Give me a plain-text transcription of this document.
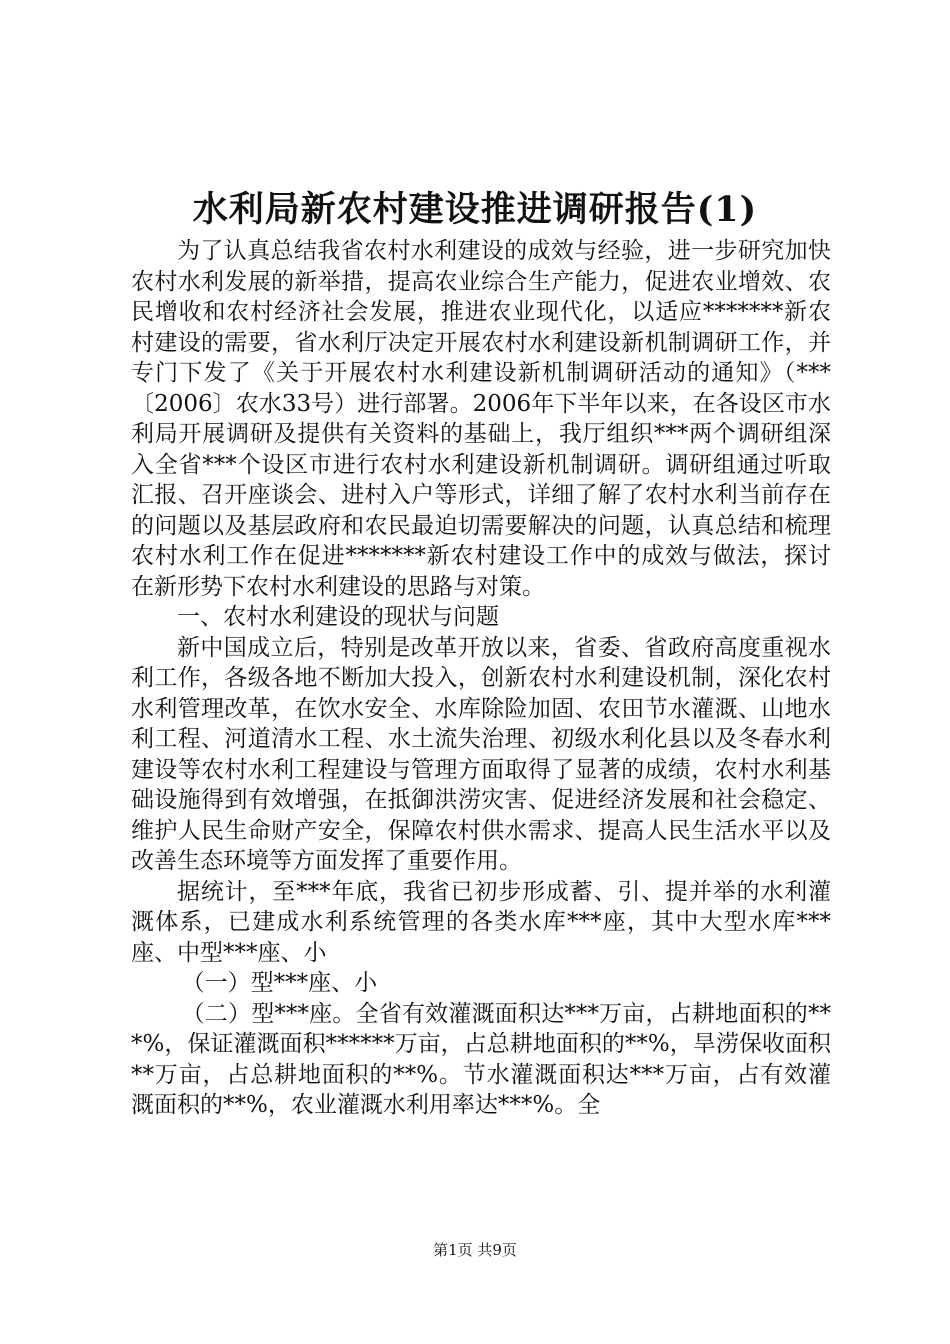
水利局新农村建设推进调研报告(1)

为了认真总结我省农村水利建设的成效与经验，进一步研究加快农村水利发展的新举措，提高农业综合生产能力，促进农业增效、农民增收和农村经济社会发展，推进农业现代化，以适应*******新农村建设的需要，省水利厅决定开展农村水利建设新机制调研工作，并专门下发了《关于开展农村水利建设新机制调研活动的通知》（***〔2006〕农水33号）进行部署。2006年下半年以来，在各设区市水利局开展调研及提供有关资料的基础上，我厅组织***两个调研组深入全省***个设区市进行农村水利建设新机制调研。调研组通过听取汇报、召开座谈会、进村入户等形式，详细了解了农村水利当前存在的问题以及基层政府和农民最迫切需要解决的问题，认真总结和梳理农村水利工作在促进*******新农村建设工作中的成效与做法，探讨在新形势下农村水利建设的思路与对策。

一、农村水利建设的现状与问题

新中国成立后，特别是改革开放以来，省委、省政府高度重视水利工作，各级各地不断加大投入，创新农村水利建设机制，深化农村水利管理改革，在饮水安全、水库除险加固、农田节水灌溉、山地水利工程、河道清水工程、水土流失治理、初级水利化县以及冬春水利建设等农村水利工程建设与管理方面取得了显著的成绩，农村水利基础设施得到有效增强，在抵御洪涝灾害、促进经济发展和社会稳定、维护人民生命财产安全，保障农村供水需求、提高人民生活水平以及改善生态环境等方面发挥了重要作用。

据统计，至***年底，我省已初步形成蓄、引、提并举的水利灌溉体系，已建成水利系统管理的各类水库***座，其中大型水库***座、中型***座、小

（一）型***座、小

（二）型***座。全省有效灌溉面积达***万亩，占耕地面积的***%，保证灌溉面积******万亩，占总耕地面积的**%，旱涝保收面积**万亩，占总耕地面积的**%。节水灌溉面积达***万亩，占有效灌溉面积的**%，农业灌溉水利用率达***%。全

第1页 共9页
